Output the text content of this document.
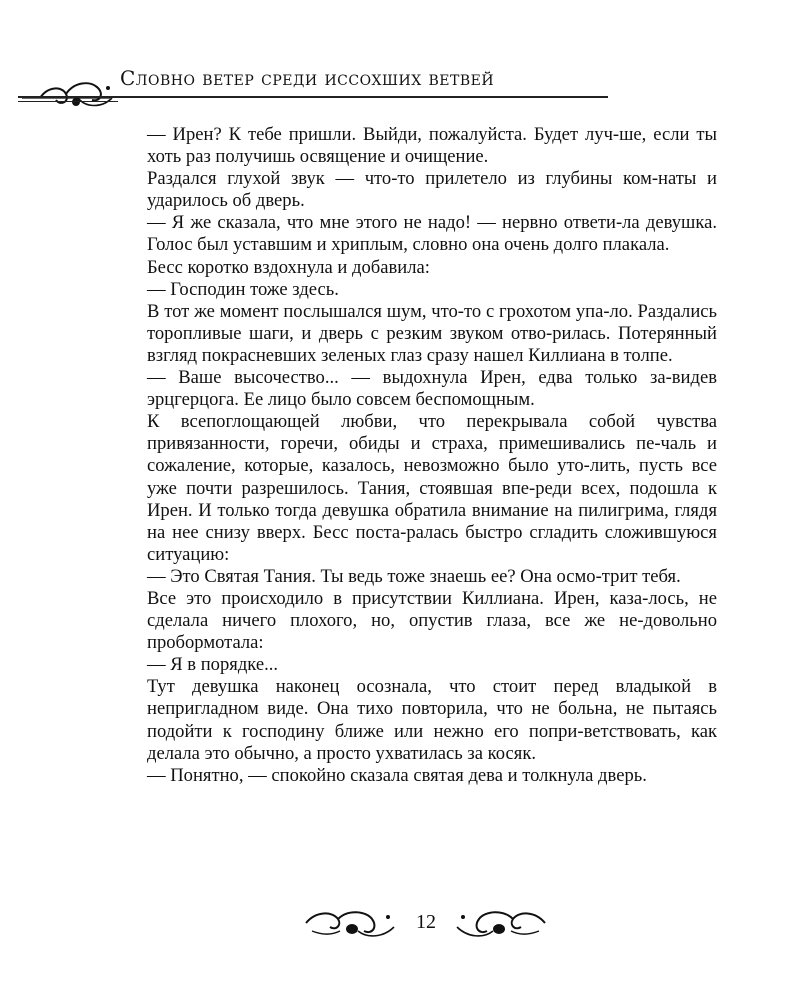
Словно ветер среди иссохших ветвей

— Ирен? К тебе пришли. Выйди, пожалуйста. Будет луч-ше, если ты хоть раз получишь освящение и очищение.

Раздался глухой звук — что-то прилетело из глубины ком-наты и ударилось об дверь.

— Я же сказала, что мне этого не надо! — нервно ответи-ла девушка. Голос был уставшим и хриплым, словно она очень долго плакала.

Бесс коротко вздохнула и добавила:

— Господин тоже здесь.

В тот же момент послышался шум, что-то с грохотом упа-ло. Раздались торопливые шаги, и дверь с резким звуком отво-рилась. Потерянный взгляд покрасневших зеленых глаз сразу нашел Киллиана в толпе.

— Ваше высочество... — выдохнула Ирен, едва только за-видев эрцгерцога. Ее лицо было совсем беспомощным.

К всепоглощающей любви, что перекрывала собой чувства привязанности, горечи, обиды и страха, примешивались пе-чаль и сожаление, которые, казалось, невозможно было уто-лить, пусть все уже почти разрешилось. Тания, стоявшая впе-реди всех, подошла к Ирен. И только тогда девушка обратила внимание на пилигрима, глядя на нее снизу вверх. Бесс поста-ралась быстро сгладить сложившуюся ситуацию:

— Это Святая Тания. Ты ведь тоже знаешь ее? Она осмо-трит тебя.

Все это происходило в присутствии Киллиана. Ирен, каза-лось, не сделала ничего плохого, но, опустив глаза, все же не-довольно пробормотала:

— Я в порядке...

Тут девушка наконец осознала, что стоит перед владыкой в непригладном виде. Она тихо повторила, что не больна, не пытаясь подойти к господину ближе или нежно его попри-ветствовать, как делала это обычно, а просто ухватилась за косяк.

— Понятно, — спокойно сказала святая дева и толкнула дверь.

12
